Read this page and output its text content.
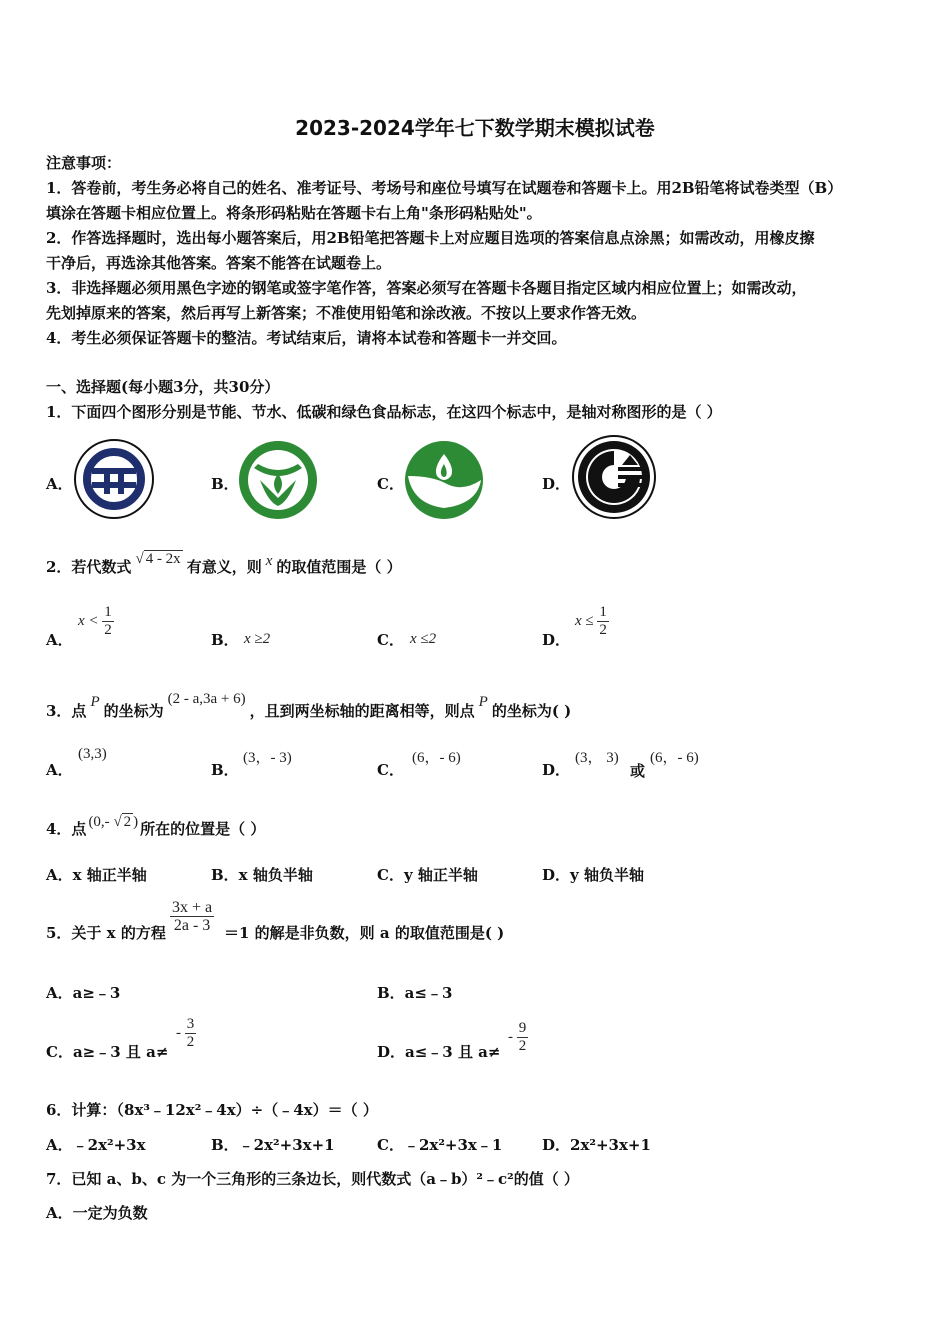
2023-2024学年七下数学期末模拟试卷
注意事项：
1．答卷前，考生务必将自己的姓名、准考证号、考场号和座位号填写在试题卷和答题卡上。用2B铅笔将试卷类型（B）
填涂在答题卡相应位置上。将条形码粘贴在答题卡右上角"条形码粘贴处"。
2．作答选择题时，选出每小题答案后，用2B铅笔把答题卡上对应题目选项的答案信息点涂黑；如需改动，用橡皮擦
干净后，再选涂其他答案。答案不能答在试题卷上。
3．非选择题必须用黑色字迹的钢笔或签字笔作答，答案必须写在答题卡各题目指定区域内相应位置上；如需改动，
先划掉原来的答案，然后再写上新答案；不准使用铅笔和涂改液。不按以上要求作答无效。
4．考生必须保证答题卡的整洁。考试结束后，请将本试卷和答题卡一并交回。
一、选择题(每小题3分，共30分）
1．下面四个图形分别是节能、节水、低碳和绿色食品标志，在这四个标志中，是轴对称图形的是（ ）
A．	B．	C．	D．
2．若代数式 √ 4 - 2x 有意义，则 x 的取值范围是（ ）
A．
$x < \frac{1}{2}$
B． x ≥2	C． x ≤2	D．
$x \le \frac{1}{2}$
3．点 P 的坐标为(2 - a,3a + 6)，且到两坐标轴的距离相等，则点 P 的坐标为( )
A．
(3,3)
B．
(3，- 3)
C．
(6，- 6)
D．
(3， 3)
或
(6，- 6)
4．点 (0,- √ 2 ) 所在的位置是（ ）
A．x 轴正半轴	B．x 轴负半轴	C．y 轴正半轴	D．y 轴负半轴
5．关于 x 的方程 $\frac{3x + a}{2a - 3} =1$ 的解是非负数，则 a 的取值范围是( )
A．a≥﹣3	B．a≤﹣3
C．a≥﹣3 且 a≠
- $\frac{3}{2}$
D．a≤﹣3 且 a≠
- $\frac{9}{2}$
6．计算：（8x³﹣12x²﹣4x）÷（﹣4x）＝（ ）
A．﹣2x²+3x	B．﹣2x²+3x+1	C．﹣2x²+3x﹣1	D．2x²+3x+1
7．已知 a、b、c 为一个三角形的三条边长，则代数式（a﹣b）²﹣c²的值（ ）
A．一定为负数
